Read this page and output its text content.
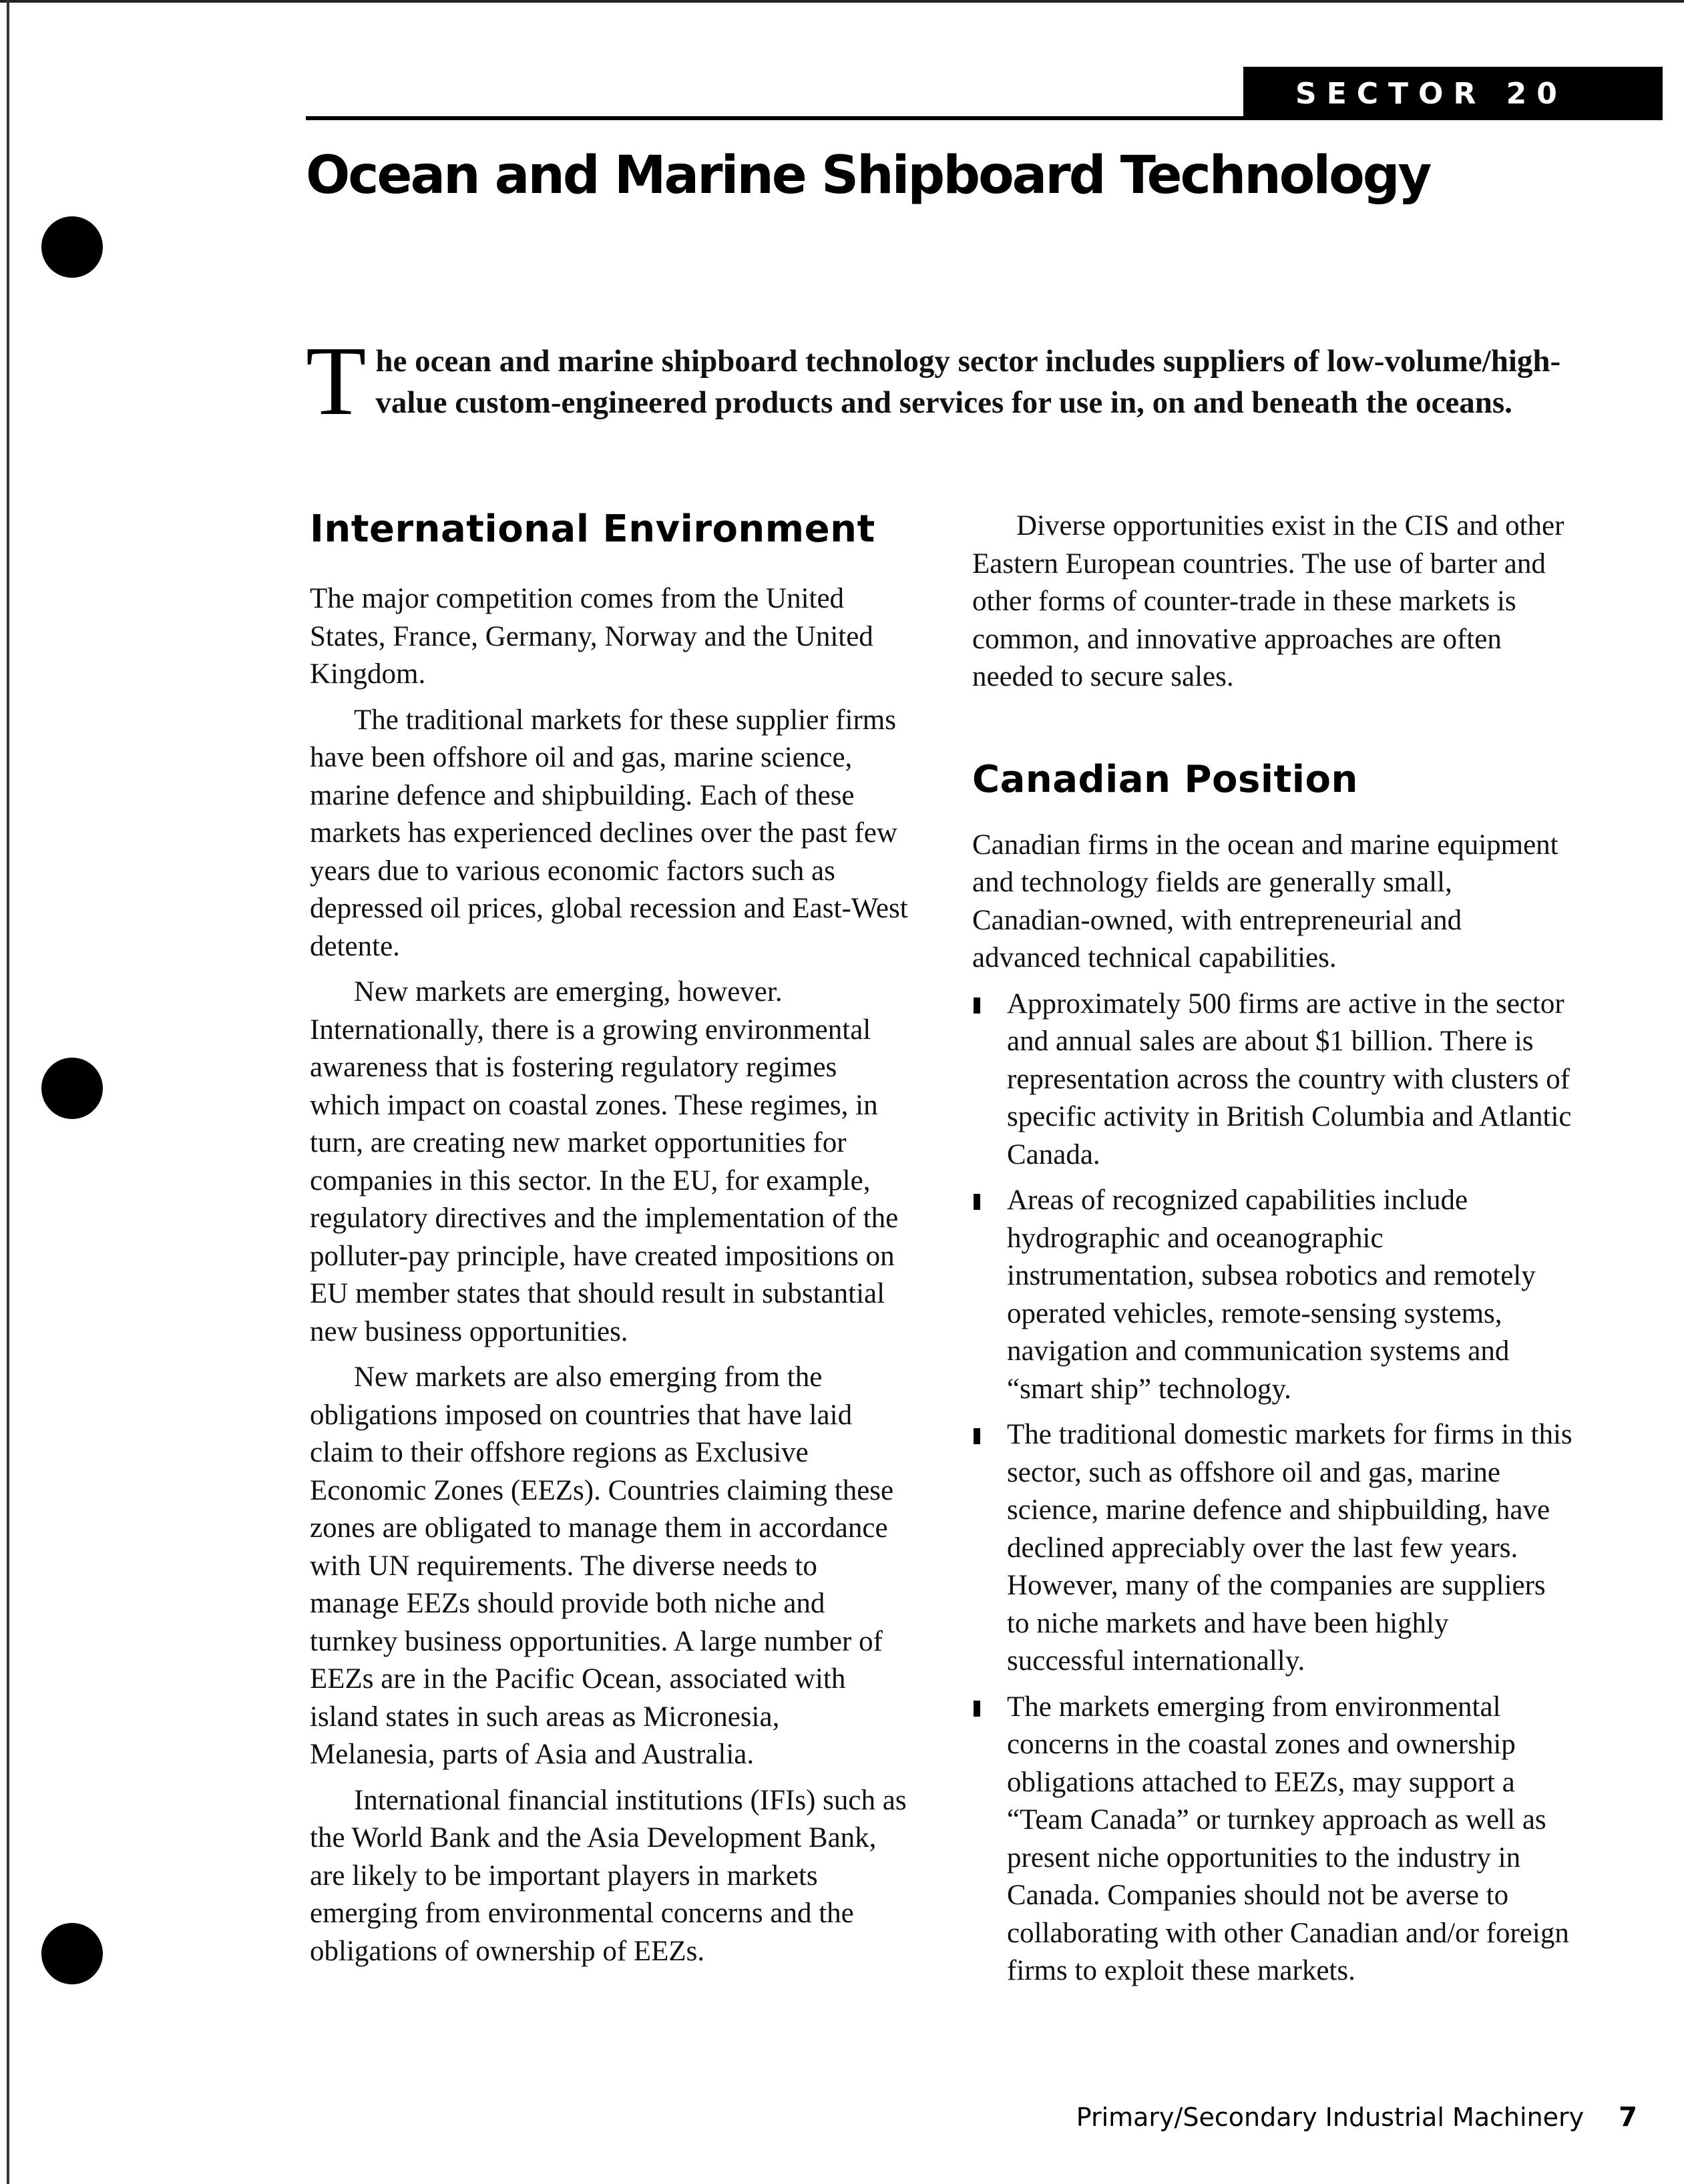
SECTOR 20
Ocean and Marine Shipboard Technology

The ocean and marine shipboard technology sector includes suppliers of low-volume/high-value custom-engineered products and services for use in, on and beneath the oceans.

International Environment

The major competition comes from the United States, France, Germany, Norway and the United Kingdom.

The traditional markets for these supplier firms have been offshore oil and gas, marine science, marine defence and shipbuilding. Each of these markets has experienced declines over the past few years due to various economic factors such as depressed oil prices, global recession and East-West detente.

New markets are emerging, however. Internationally, there is a growing environmental awareness that is fostering regulatory regimes which impact on coastal zones. These regimes, in turn, are creating new market opportunities for companies in this sector. In the EU, for example, regulatory directives and the implementation of the polluter-pay principle, have created impositions on EU member states that should result in substantial new business opportunities.

New markets are also emerging from the obligations imposed on countries that have laid claim to their offshore regions as Exclusive Economic Zones (EEZs). Countries claiming these zones are obligated to manage them in accordance with UN requirements. The diverse needs to manage EEZs should provide both niche and turnkey business opportunities. A large number of EEZs are in the Pacific Ocean, associated with island states in such areas as Micronesia, Melanesia, parts of Asia and Australia.

International financial institutions (IFIs) such as the World Bank and the Asia Development Bank, are likely to be important players in markets emerging from environmental concerns and the obligations of ownership of EEZs.

Diverse opportunities exist in the CIS and other Eastern European countries. The use of barter and other forms of counter-trade in these markets is common, and innovative approaches are often needed to secure sales.

Canadian Position

Canadian firms in the ocean and marine equipment and technology fields are generally small, Canadian-owned, with entrepreneurial and advanced technical capabilities.

Approximately 500 firms are active in the sector and annual sales are about $1 billion. There is representation across the country with clusters of specific activity in British Columbia and Atlantic Canada.
Areas of recognized capabilities include hydrographic and oceanographic instrumentation, subsea robotics and remotely operated vehicles, remote-sensing systems, navigation and communication systems and “smart ship” technology.
The traditional domestic markets for firms in this sector, such as offshore oil and gas, marine science, marine defence and shipbuilding, have declined appreciably over the last few years. However, many of the companies are suppliers to niche markets and have been highly successful internationally.
The markets emerging from environmental concerns in the coastal zones and ownership obligations attached to EEZs, may support a “Team Canada” or turnkey approach as well as present niche opportunities to the industry in Canada. Companies should not be averse to collaborating with other Canadian and/or foreign firms to exploit these markets.
Primary/Secondary Industrial Machinery 7
